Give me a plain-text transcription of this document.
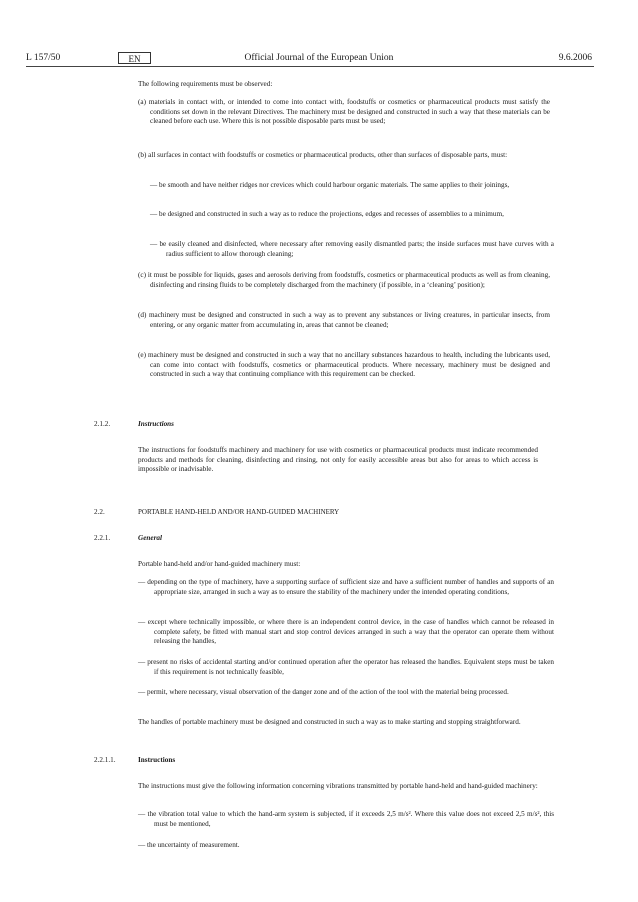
L 157/50	EN	Official Journal of the European Union	9.6.2006
The following requirements must be observed:
(a) materials in contact with, or intended to come into contact with, foodstuffs or cosmetics or pharmaceutical products must satisfy the conditions set down in the relevant Directives. The machinery must be designed and constructed in such a way that these materials can be cleaned before each use. Where this is not possible disposable parts must be used;
(b) all surfaces in contact with foodstuffs or cosmetics or pharmaceutical products, other than surfaces of disposable parts, must:
— be smooth and have neither ridges nor crevices which could harbour organic materials. The same applies to their joinings,
— be designed and constructed in such a way as to reduce the projections, edges and recesses of assemblies to a minimum,
— be easily cleaned and disinfected, where necessary after removing easily dismantled parts; the inside surfaces must have curves with a radius sufficient to allow thorough cleaning;
(c) it must be possible for liquids, gases and aerosols deriving from foodstuffs, cosmetics or pharmaceutical products as well as from cleaning, disinfecting and rinsing fluids to be completely discharged from the machinery (if possible, in a ‘cleaning’ position);
(d) machinery must be designed and constructed in such a way as to prevent any substances or living creatures, in particular insects, from entering, or any organic matter from accumulating in, areas that cannot be cleaned;
(e) machinery must be designed and constructed in such a way that no ancillary substances hazardous to health, including the lubricants used, can come into contact with foodstuffs, cosmetics or pharmaceutical products. Where necessary, machinery must be designed and constructed in such a way that continuing compliance with this requirement can be checked.
2.1.2.	Instructions
The instructions for foodstuffs machinery and machinery for use with cosmetics or pharmaceutical products must indicate recommended products and methods for cleaning, disinfecting and rinsing, not only for easily accessible areas but also for areas to which access is impossible or inadvisable.
2.2.	PORTABLE HAND-HELD AND/OR HAND-GUIDED MACHINERY
2.2.1.	General
Portable hand-held and/or hand-guided machinery must:
— depending on the type of machinery, have a supporting surface of sufficient size and have a sufficient number of handles and supports of an appropriate size, arranged in such a way as to ensure the stability of the machinery under the intended operating conditions,
— except where technically impossible, or where there is an independent control device, in the case of handles which cannot be released in complete safety, be fitted with manual start and stop control devices arranged in such a way that the operator can operate them without releasing the handles,
— present no risks of accidental starting and/or continued operation after the operator has released the handles. Equivalent steps must be taken if this requirement is not technically feasible,
— permit, where necessary, visual observation of the danger zone and of the action of the tool with the material being processed.
The handles of portable machinery must be designed and constructed in such a way as to make starting and stopping straightforward.
2.2.1.1.	Instructions
The instructions must give the following information concerning vibrations transmitted by portable hand-held and hand-guided machinery:
— the vibration total value to which the hand-arm system is subjected, if it exceeds 2,5 m/s². Where this value does not exceed 2,5 m/s², this must be mentioned,
— the uncertainty of measurement.
